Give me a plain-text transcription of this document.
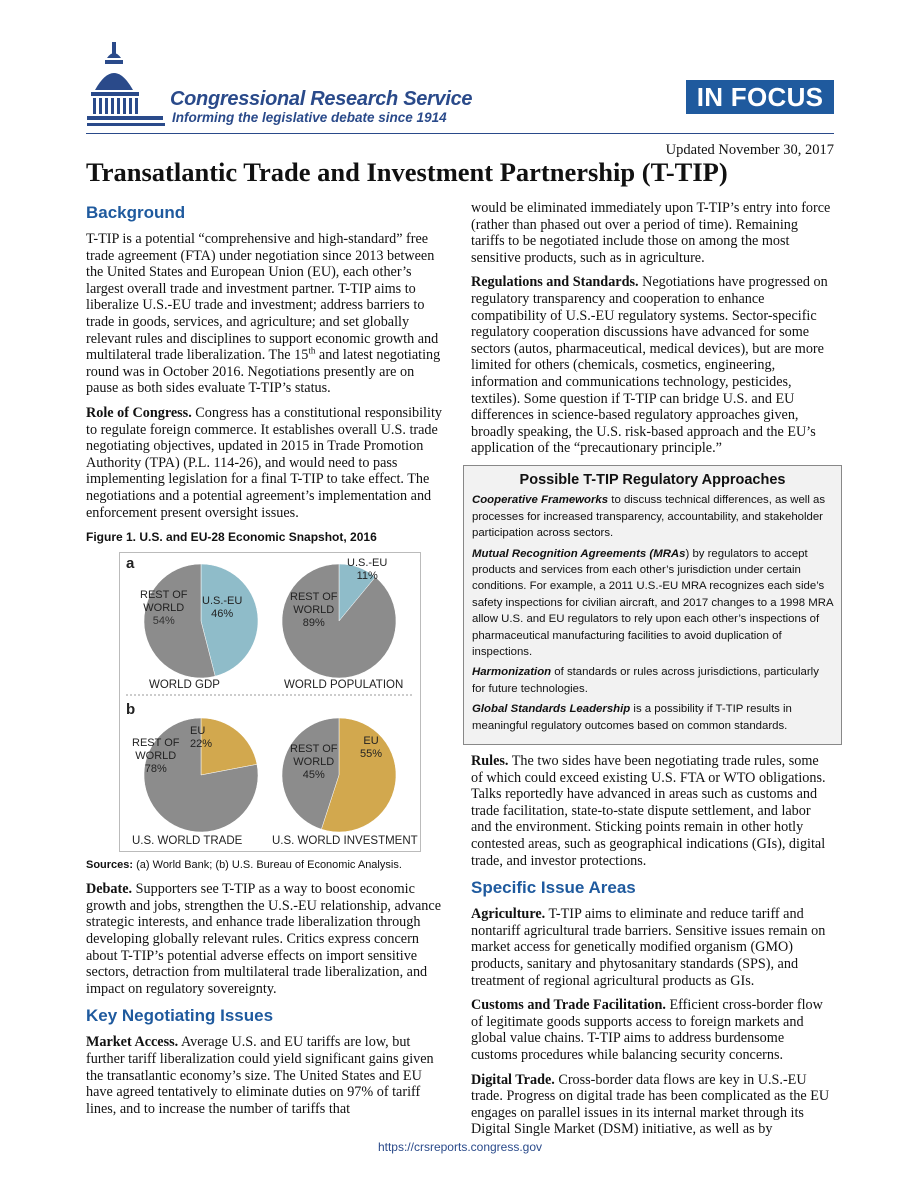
Congressional Research Service
Informing the legislative debate since 1914
IN FOCUS
Updated November 30, 2017
Transatlantic Trade and Investment Partnership (T-TIP)
Background

T-TIP is a potential “comprehensive and high-standard” free trade agreement (FTA) under negotiation since 2013 between the United States and European Union (EU), each other’s largest overall trade and investment partner. T-TIP aims to liberalize U.S.-EU trade and investment; address barriers to trade in goods, services, and agriculture; and set globally relevant rules and disciplines to support economic growth and multilateral trade liberalization. The 15th and latest negotiating round was in October 2016. Negotiations presently are on pause as both sides evaluate T-TIP’s status.

Role of Congress. Congress has a constitutional responsibility to regulate foreign commerce. It establishes overall U.S. trade negotiating objectives, updated in 2015 in Trade Promotion Authority (TPA) (P.L. 114-26), and would need to pass implementing legislation for a final T-TIP to take effect. The negotiations and a potential agreement’s implementation and enforcement present oversight issues.

Figure 1. U.S. and EU-28 Economic Snapshot, 2016
a
b
REST OF
WORLD
54%
U.S.-EU
46%
REST OF
WORLD
89%
U.S.-EU
11%
REST OF
WORLD
78%
EU
22%	REST OF
WORLD
45%
EU
55%
WORLD GDP	WORLD POPULATION
U.S. WORLD TRADE	U.S. WORLD INVESTMENT
Sources: (a) World Bank; (b) U.S. Bureau of Economic Analysis.

Debate. Supporters see T-TIP as a way to boost economic growth and jobs, strengthen the U.S.-EU relationship, advance strategic interests, and enhance trade liberalization through developing globally relevant rules. Critics express concern about T-TIP’s potential adverse effects on import sensitive sectors, detraction from multilateral trade liberalization, and impact on regulatory sovereignty.

Key Negotiating Issues

Market Access. Average U.S. and EU tariffs are low, but further tariff liberalization could yield significant gains given the transatlantic economy’s size. The United States and EU have agreed tentatively to eliminate duties on 97% of tariff lines, and to increase the number of tariffs that

would be eliminated immediately upon T-TIP’s entry into force (rather than phased out over a period of time). Remaining tariffs to be negotiated include those on among the most sensitive products, such as in agriculture.

Regulations and Standards. Negotiations have progressed on regulatory transparency and cooperation to enhance compatibility of U.S.-EU regulatory systems. Sector-specific regulatory cooperation discussions have advanced for some sectors (autos, pharmaceutical, medical devices), but are more limited for others (chemicals, cosmetics, engineering, information and communications technology, pesticides, textiles). Some question if T-TIP can bridge U.S. and EU differences in science-based regulatory approaches given, broadly speaking, the U.S. risk-based approach and the EU’s application of the “precautionary principle.”

Possible T-TIP Regulatory Approaches

Cooperative Frameworks to discuss technical differences, as well as processes for increased transparency, accountability, and stakeholder participation across sectors.

Mutual Recognition Agreements (MRAs) by regulators to accept products and services from each other’s jurisdiction under certain conditions. For example, a 2011 U.S.-EU MRA recognizes each side’s safety inspections for civilian aircraft, and 2017 changes to a 1998 MRA allow U.S. and EU regulators to rely upon each other’s inspections of pharmaceutical manufacturing facilities to avoid duplication of inspections.

Harmonization of standards or rules across jurisdictions, particularly for future technologies.

Global Standards Leadership is a possibility if T-TIP results in meaningful regulatory outcomes based on common standards.

Rules. The two sides have been negotiating trade rules, some of which could exceed existing U.S. FTA or WTO obligations. Talks reportedly have advanced in areas such as customs and trade facilitation, state-to-state dispute settlement, and labor and the environment. Sticking points remain in other hotly contested areas, such as geographical indications (GIs), digital trade, and investor protections.

Specific Issue Areas

Agriculture. T-TIP aims to eliminate and reduce tariff and nontariff agricultural trade barriers. Sensitive issues remain on market access for genetically modified organism (GMO) products, sanitary and phytosanitary standards (SPS), and treatment of regional agricultural products as GIs.

Customs and Trade Facilitation. Efficient cross-border flow of legitimate goods supports access to foreign markets and global value chains. T-TIP aims to address burdensome customs procedures while balancing security concerns.

Digital Trade. Cross-border data flows are key in U.S.-EU trade. Progress on digital trade has been complicated as the EU engages on parallel issues in its internal market through its Digital Single Market (DSM) initiative, as well as by

https://crsreports.congress.gov
